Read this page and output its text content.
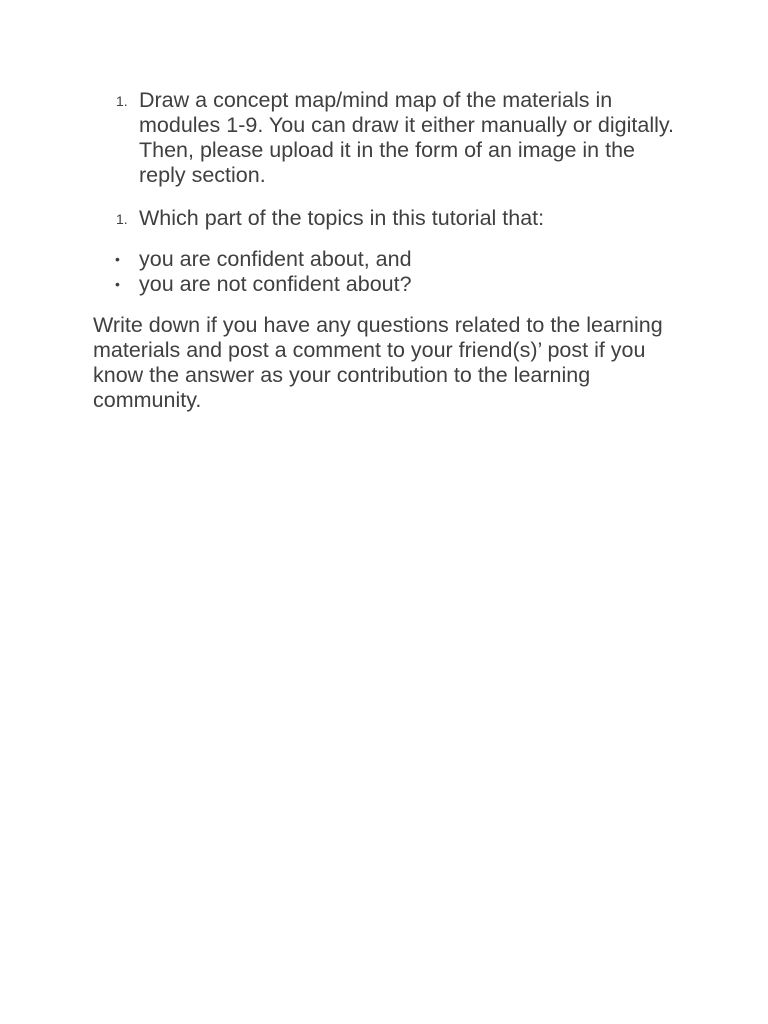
1. Draw a concept map/mind map of the materials in modules 1-9. You can draw it either manually or digitally. Then, please upload it in the form of an image in the reply section.
1. Which part of the topics in this tutorial that:
• you are confident about, and
• you are not confident about?

Write down if you have any questions related to the learning materials and post a comment to your friend(s)’ post if you know the answer as your contribution to the learning community.
